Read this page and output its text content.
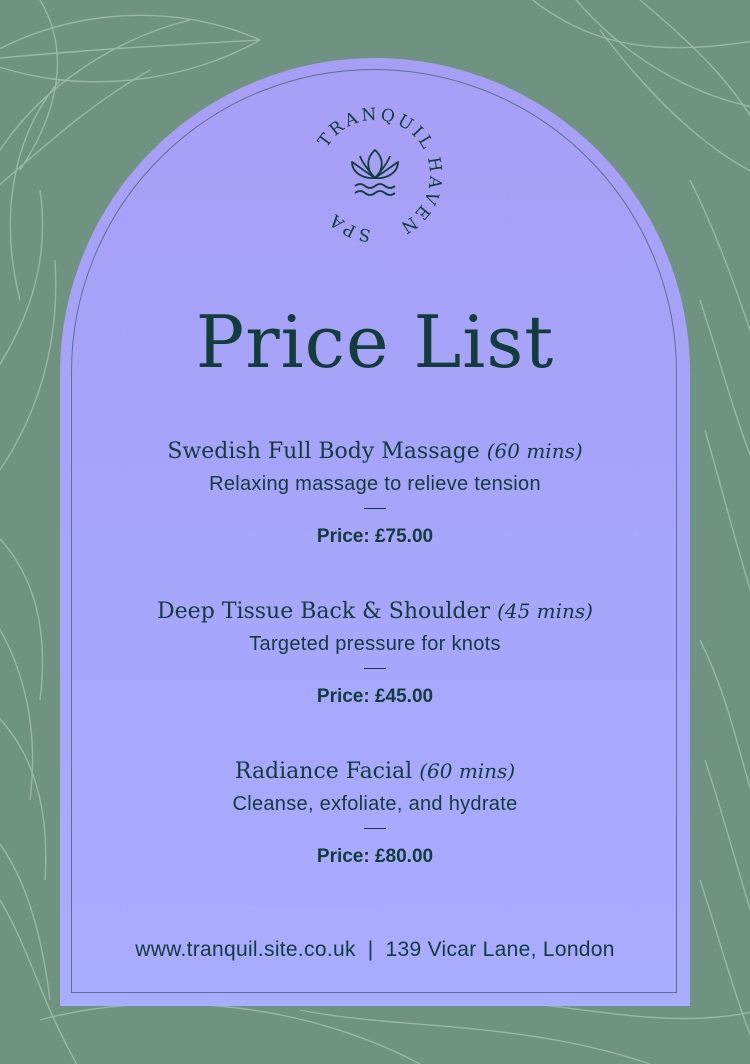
TRANQUIL
HAVEN
SPA
Price List
Swedish Full Body Massage (60 mins)
Relaxing massage to relieve tension
Price: £75.00
Deep Tissue Back & Shoulder (45 mins)
Targeted pressure for knots
Price: £45.00
Radiance Facial (60 mins)
Cleanse, exfoliate, and hydrate
Price: £80.00
www.tranquil.site.co.uk | 139 Vicar Lane, London
